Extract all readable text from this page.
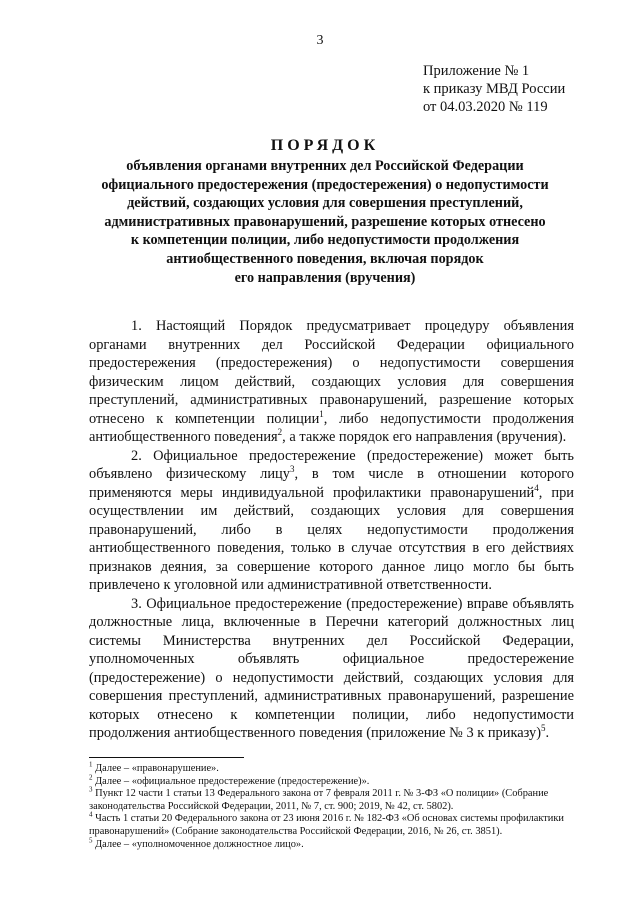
3
Приложение № 1
к приказу МВД России
от 04.03.2020 № 119
ПОРЯДОК
объявления органами внутренних дел Российской Федерации
официального предостережения (предостережения) о недопустимости
действий, создающих условия для совершения преступлений,
административных правонарушений, разрешение которых отнесено
к компетенции полиции, либо недопустимости продолжения
антиобщественного поведения, включая порядок
его направления (вручения)

1. Настоящий Порядок предусматривает процедуру объявления органами внутренних дел Российской Федерации официального предостережения (предостережения) о недопустимости совершения физическим лицом действий, создающих условия для совершения преступлений, административных правонарушений, разрешение которых отнесено к компетенции полиции$^1$, либо недопустимости продолжения антиобщественного поведения$^2$, а также порядок его направления (вручения).

2. Официальное предостережение (предостережение) может быть объявлено физическому лицу$^3$, в том числе в отношении которого применяются меры индивидуальной профилактики правонарушений$^4$, при осуществлении им действий, создающих условия для совершения правонарушений, либо в целях недопустимости продолжения антиобщественного поведения, только в случае отсутствия в его действиях признаков деяния, за совершение которого данное лицо могло бы быть привлечено к уголовной или административной ответственности.

3. Официальное предостережение (предостережение) вправе объявлять должностные лица, включенные в Перечни категорий должностных лиц системы Министерства внутренних дел Российской Федерации, уполномоченных объявлять официальное предостережение (предостережение) о недопустимости действий, создающих условия для совершения преступлений, административных правонарушений, разрешение которых отнесено к компетенции полиции, либо недопустимости продолжения антиобщественного поведения (приложение № 3 к приказу)$^5$.

$^1$ Далее – «правонарушение».

$^2$ Далее – «официальное предостережение (предостережение)».

$^3$ Пункт 12 части 1 статьи 13 Федерального закона от 7 февраля 2011 г. № 3-ФЗ «О полиции» (Собрание законодательства Российской Федерации, 2011, № 7, ст. 900; 2019, № 42, ст. 5802).

$^4$ Часть 1 статьи 20 Федерального закона от 23 июня 2016 г. № 182-ФЗ «Об основах системы профилактики правонарушений» (Собрание законодательства Российской Федерации, 2016, № 26, ст. 3851).

$^5$ Далее – «уполномоченное должностное лицо».
